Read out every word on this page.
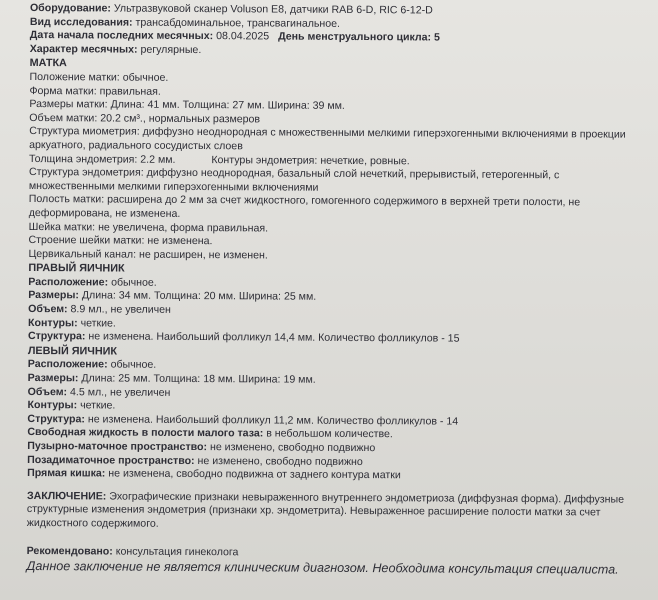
Оборудование: Ультразвуковой сканер Voluson E8, датчики RAB 6-D, RIC 6-12-D
Вид исследования: трансабдоминальное, трансвагинальное.
Дата начала последних месячных: 08.04.2025 День менструального цикла: 5
Характер месячных: регулярные.
МАТКА
Положение матки: обычное.
Форма матки: правильная.
Размеры матки: Длина: 41 мм. Толщина: 27 мм. Ширина: 39 мм.
Объем матки: 20.2 см³., нормальных размеров
Структура миометрия: диффузно неоднородная с множественными мелкими гиперэхогенными включениями в проекции
аркуатного, радиального сосудистых слоев
Толщина эндометрия: 2.2 мм.	Контуры эндометрия: нечеткие, ровные.
Структура эндометрия: диффузно неоднородная, базальный слой нечеткий, прерывистый, гетерогенный, с
множественными мелкими гиперэхогенными включениями
Полость матки: расширена до 2 мм за счет жидкостного, гомогенного содержимого в верхней трети полости, не
деформирована, не изменена.
Шейка матки: не увеличена, форма правильная.
Строение шейки матки: не изменена.
Цервикальный канал: не расширен, не изменен.
ПРАВЫЙ ЯИЧНИК
Расположение: обычное.
Размеры: Длина: 34 мм. Толщина: 20 мм. Ширина: 25 мм.
Объем: 8.9 мл., не увеличен
Контуры: четкие.
Структура: не изменена. Наибольший фолликул 14,4 мм. Количество фолликулов - 15
ЛЕВЫЙ ЯИЧНИК
Расположение: обычное.
Размеры: Длина: 25 мм. Толщина: 18 мм. Ширина: 19 мм.
Объем: 4.5 мл., не увеличен
Контуры: четкие.
Структура: не изменена. Наибольший фолликул 11,2 мм. Количество фолликулов - 14
Свободная жидкость в полости малого таза: в небольшом количестве.
Пузырно-маточное пространство: не изменено, свободно подвижно
Позадиматочное пространство: не изменено, свободно подвижно
Прямая кишка: не изменена, свободно подвижна от заднего контура матки
ЗАКЛЮЧЕНИЕ: Эхографические признаки невыраженного внутреннего эндометриоза (диффузная форма). Диффузные
структурные изменения эндометрия (признаки хр. эндометрита). Невыраженное расширение полости матки за счет
жидкостного содержимого.
Рекомендовано: консультация гинеколога
Данное заключение не является клиническим диагнозом. Необходима консультация специалиста.
